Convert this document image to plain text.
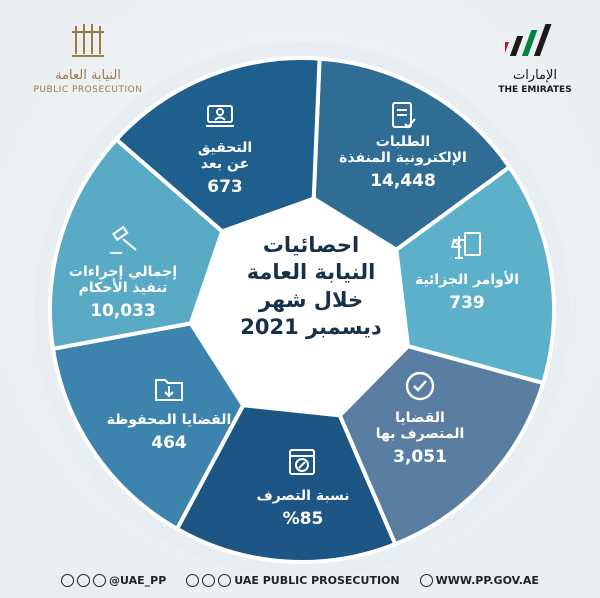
النيابة العامة
PUBLIC PROSECUTION
الإمارات
THE EMIRATES
الطلبات
الإلكترونية المنفذة
14,448
الأوامر الجزائية
739
القضايا
المتصرف بها
3,051
نسبة التصرف
%85
القضايا المحفوظة
464
إجمالي إجراءات
تنفيذ الأحكام
10,033
التحقيق
عن بعد
673
احصائيات
النيابة العامة
خلال شهر
ديسمبر 2021
@UAE_PP	UAE PUBLIC PROSECUTION	WWW.PP.GOV.AE
